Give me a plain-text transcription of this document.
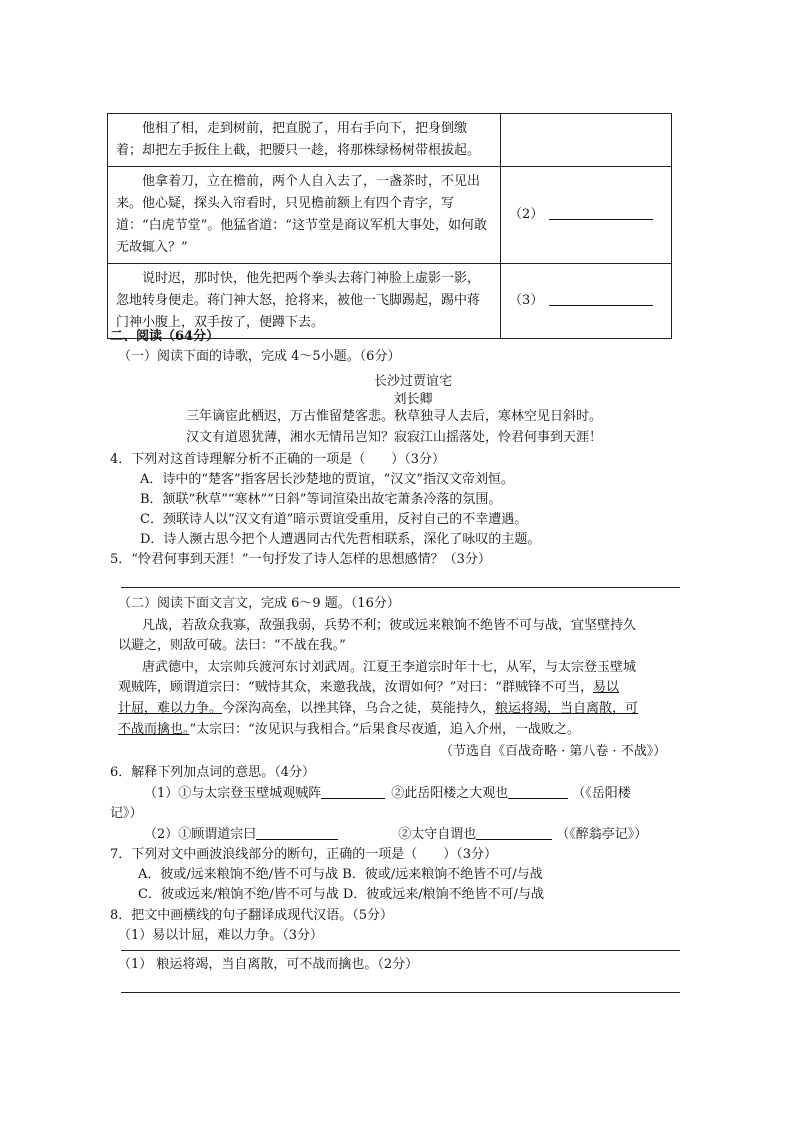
他相了相，走到树前，把直脱了，用右手向下，把身倒缴着；却把左手扳住上截，把腰只一趁，将那株绿杨树带根拔起。	
他拿着刀，立在檐前，两个人自入去了，一盏茶时，不见出来。他心疑，探头入帘看时，只见檐前额上有四个青字，写道：“白虎节堂”。他猛省道：“这节堂是商议军机大事处，如何敢无故辄入？”	（2）
说时迟，那时快，他先把两个拳头去蒋门神脸上虚影一影，忽地转身便走。蒋门神大怒，抢将来，被他一飞脚踢起，踢中蒋门神小腹上，双手按了，便蹲下去。	（3）
二、阅读（64分）
（一）阅读下面的诗歌，完成 4～5小题。（6分）
长沙过贾谊宅
刘长卿
三年谪宦此栖迟，万古惟留楚客悲。秋草独寻人去后，寒林空见日斜时。
汉文有道恩犹薄，湘水无情吊岂知？寂寂江山摇落处，怜君何事到天涯！
4．下列对这首诗理解分析不正确的一项是（　　）（3分）
A．诗中的“楚客”指客居长沙楚地的贾谊，“汉文”指汉文帝刘恒。
B．颔联“秋草”“寒林”“日斜”等词渲染出故宅萧条冷落的氛围。
C．颈联诗人以“汉文有道”暗示贾谊受重用，反衬自己的不幸遭遇。
D．诗人濒古思今把个人遭遇同古代先哲相联系，深化了咏叹的主题。
5．“怜君何事到天涯！”一句抒发了诗人怎样的思想感情？（3分）
（二）阅读下面文言文，完成 6～9 题。（16分）
凡战，若敌众我寡，敌强我弱，兵势不利；彼或远来粮饷不绝皆不可与战，宜坚壁持久
以避之，则敌可破。法曰：“不战在我。”
唐武德中，太宗帅兵渡河东讨刘武周。江夏王李道宗时年十七，从军，与太宗登玉壁城
观贼阵，顾谓道宗曰：“贼恃其众，来邀我战，汝谓如何？”对曰：“群贼锋不可当，易以
计屈，难以力争。今深沟高垒，以挫其锋，乌合之徒，莫能持久，粮运将竭，当自离散，可
不战而擒也。”太宗曰：“汝见识与我相合。”后果食尽夜遁，追入介州，一战败之。
（节选自《百战奇略 · 第八卷 · 不战》）
6．解释下列加点词的意思。（4分）
（1）①与太宗登玉壁城观贼阵	②此岳阳楼之大观也	（《岳阳楼
记》）
（2）①顾谓道宗曰	②太守自谓也	（《醉翁亭记》）
7．下列对文中画波浪线部分的断句，正确的一项是（　　）（3分）
A．彼或/远来粮饷不绝/皆不可与战 B．彼或/远来粮饷不绝皆不可/与战
C．彼或远来/粮饷不绝/皆不可与战 D．彼或远来/粮饷不绝皆不可/与战
8．把文中画横线的句子翻译成现代汉语。（5分）
（1）易以计屈，难以力争。（3分）
（1） 粮运将竭，当自离散，可不战而擒也。（2分）
